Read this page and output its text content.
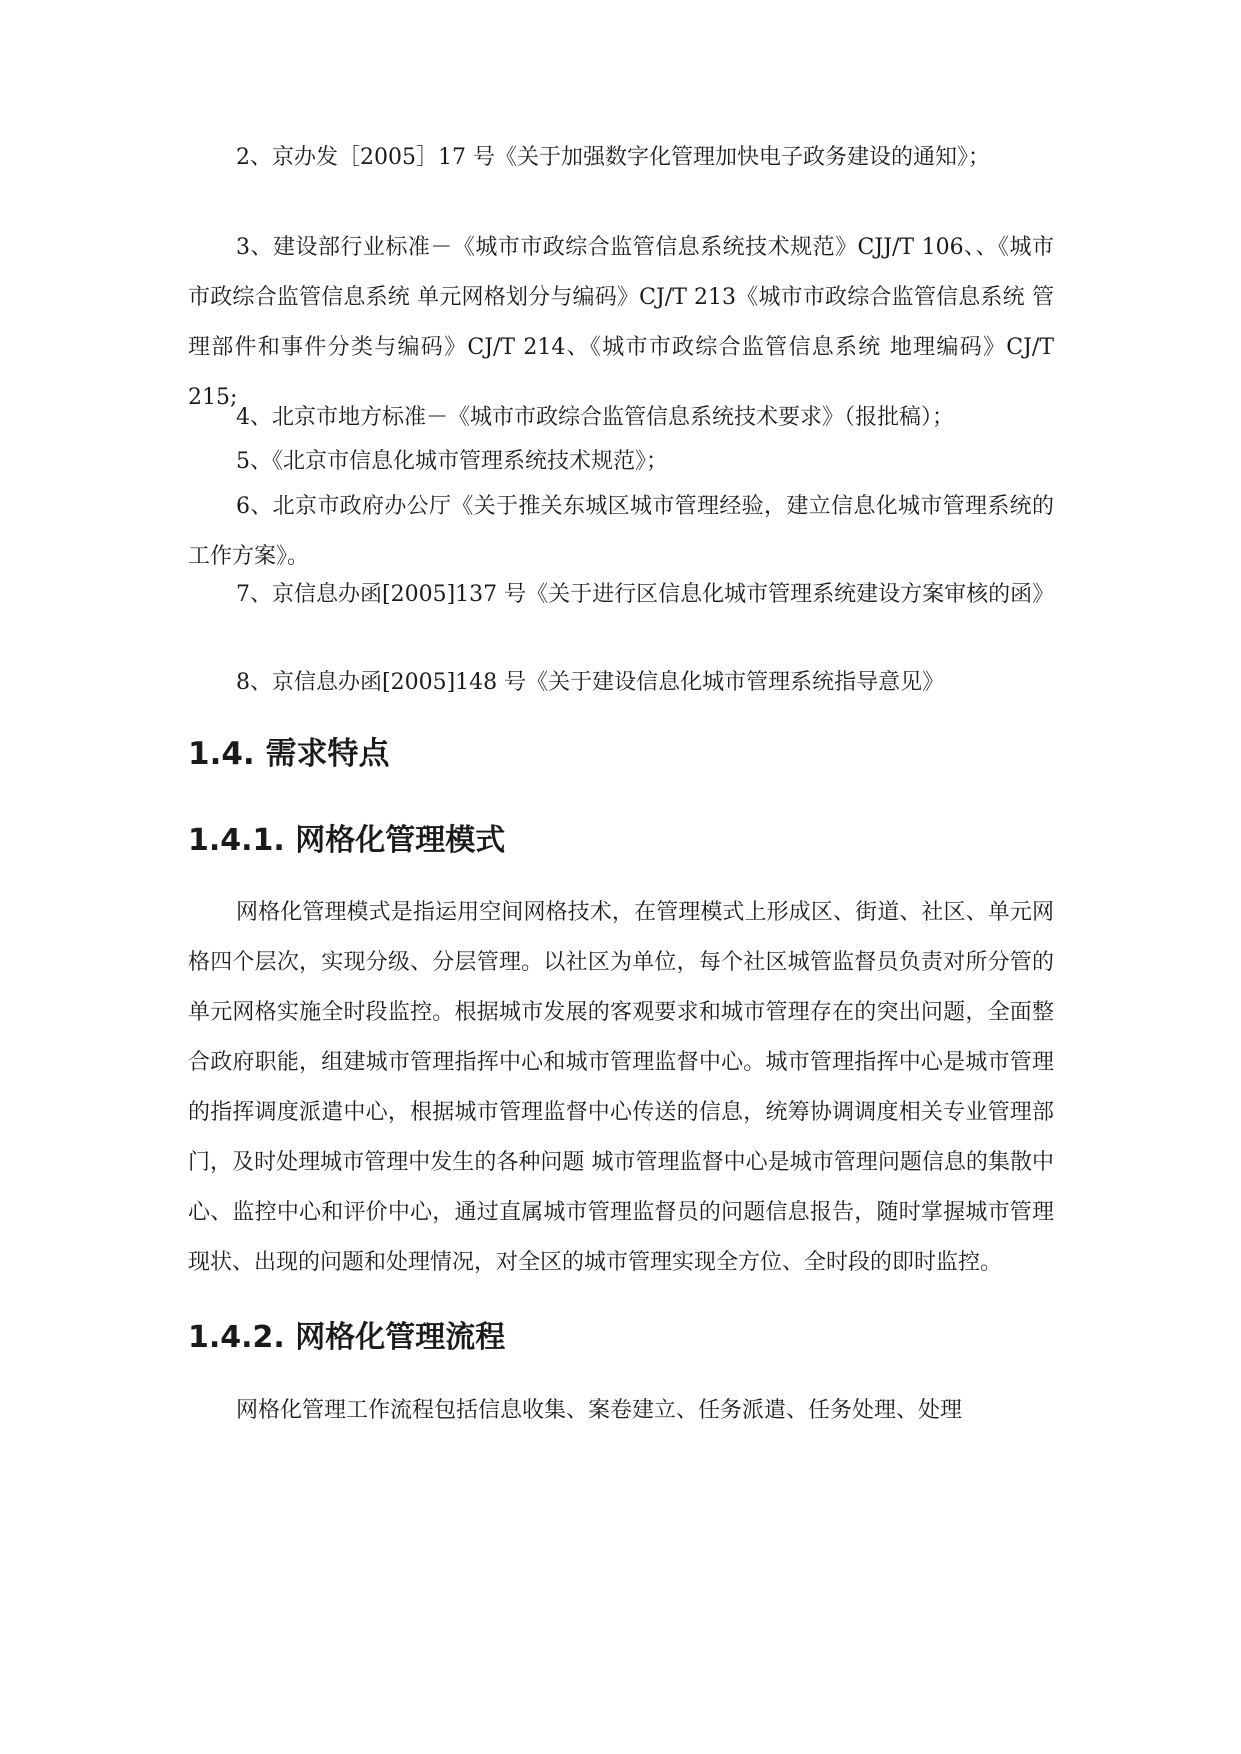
2、京办发［2005］17 号《关于加强数字化管理加快电子政务建设的通知》；

3、建设部行业标准－《城市市政综合监管信息系统技术规范》CJJ/T 106、、《城市市政综合监管信息系统 单元网格划分与编码》CJ/T 213《城市市政综合监管信息系统 管理部件和事件分类与编码》CJ/T 214、《城市市政综合监管信息系统 地理编码》CJ/T 215;

4、北京市地方标准－《城市市政综合监管信息系统技术要求》（报批稿）；

5、《北京市信息化城市管理系统技术规范》；

6、北京市政府办公厅《关于推关东城区城市管理经验，建立信息化城市管理系统的工作方案》。

7、京信息办函[2005]137 号《关于进行区信息化城市管理系统建设方案审核的函》

8、京信息办函[2005]148 号《关于建设信息化城市管理系统指导意见》

1.4. 需求特点
1.4.1. 网格化管理模式

网格化管理模式是指运用空间网格技术，在管理模式上形成区、街道、社区、单元网格四个层次，实现分级、分层管理。以社区为单位，每个社区城管监督员负责对所分管的单元网格实施全时段监控。根据城市发展的客观要求和城市管理存在的突出问题，全面整合政府职能，组建城市管理指挥中心和城市管理监督中心。城市管理指挥中心是城市管理的指挥调度派遣中心，根据城市管理监督中心传送的信息，统筹协调调度相关专业管理部门，及时处理城市管理中发生的各种问题 城市管理监督中心是城市管理问题信息的集散中心、监控中心和评价中心，通过直属城市管理监督员的问题信息报告，随时掌握城市管理现状、出现的问题和处理情况，对全区的城市管理实现全方位、全时段的即时监控。

1.4.2. 网格化管理流程

网格化管理工作流程包括信息收集、案卷建立、任务派遣、任务处理、处理
